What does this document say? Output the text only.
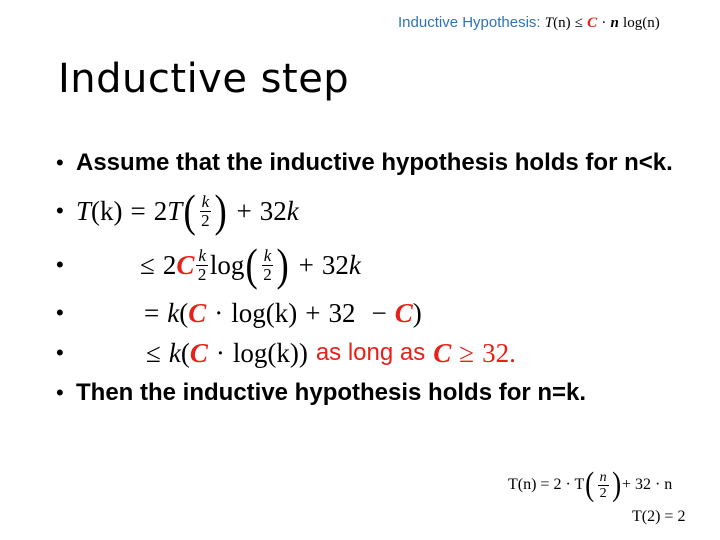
Inductive Hypothesis: T(n) ≤ C · n log(n)
Inductive step
• Assume that the inductive hypothesis holds for n<k.
• T (k) = 2 T ( $\frac{k}{2}$ ) + 32 k
•	≤ 2 C $\frac{k}{2}$ log ( $\frac{k}{2}$ ) + 32 k
•	= k ( C · log (k) + 32 − C )
•	≤ k ( C · log (k) ) as long as C ≥ 32 .
• Then the inductive hypothesis holds for n=k.
T(n) = 2 · T ( $\frac{n}{2}$ ) + 32 · n
T(2) = 2
